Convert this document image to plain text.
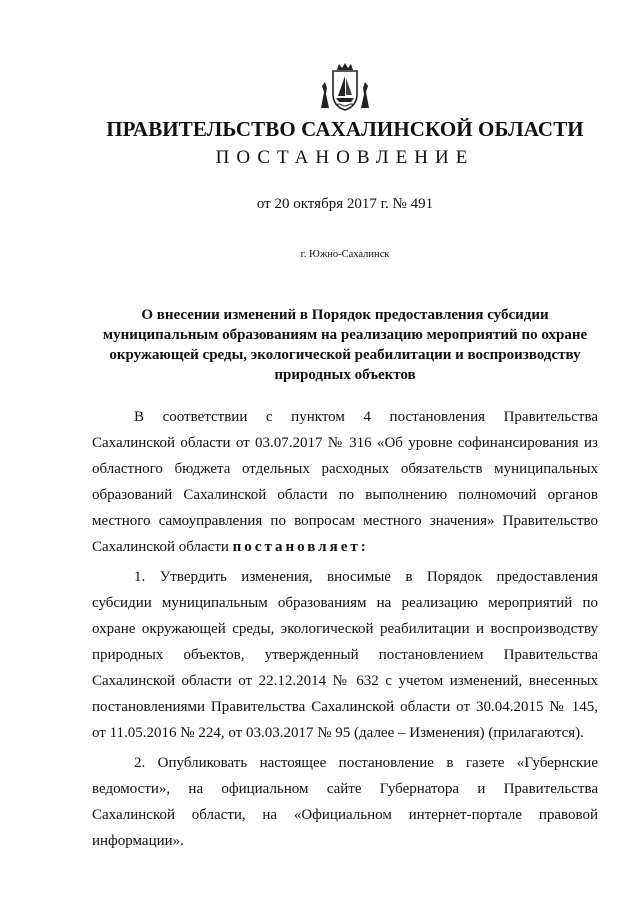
ПРАВИТЕЛЬСТВО САХАЛИНСКОЙ ОБЛАСТИ
ПОСТАНОВЛЕНИЕ
от 20 октября 2017 г. № 491
г. Южно-Сахалинск
О внесении изменений в Порядок предоставления субсидии
муниципальным образованиям на реализацию мероприятий по охране
окружающей среды, экологической реабилитации и воспроизводству
природных объектов
В соответствии с пунктом 4 постановления Правительства
Сахалинской области от 03.07.2017 № 316 «Об уровне софинансирования из
областного бюджета отдельных расходных обязательств муниципальных
образований Сахалинской области по выполнению полномочий органов
местного самоуправления по вопросам местного значения» Правительство
Сахалинской области постановляет:
1. Утвердить изменения, вносимые в Порядок предоставления
субсидии муниципальным образованиям на реализацию мероприятий по
охране окружающей среды, экологической реабилитации и воспроизводству
природных объектов, утвержденный постановлением Правительства
Сахалинской области от 22.12.2014 № 632 с учетом изменений, внесенных
постановлениями Правительства Сахалинской области от 30.04.2015 № 145,
от 11.05.2016 № 224, от 03.03.2017 № 95 (далее – Изменения) (прилагаются).
2. Опубликовать настоящее постановление в газете «Губернские
ведомости», на официальном сайте Губернатора и Правительства
Сахалинской области, на «Официальном интернет-портале правовой
информации».
